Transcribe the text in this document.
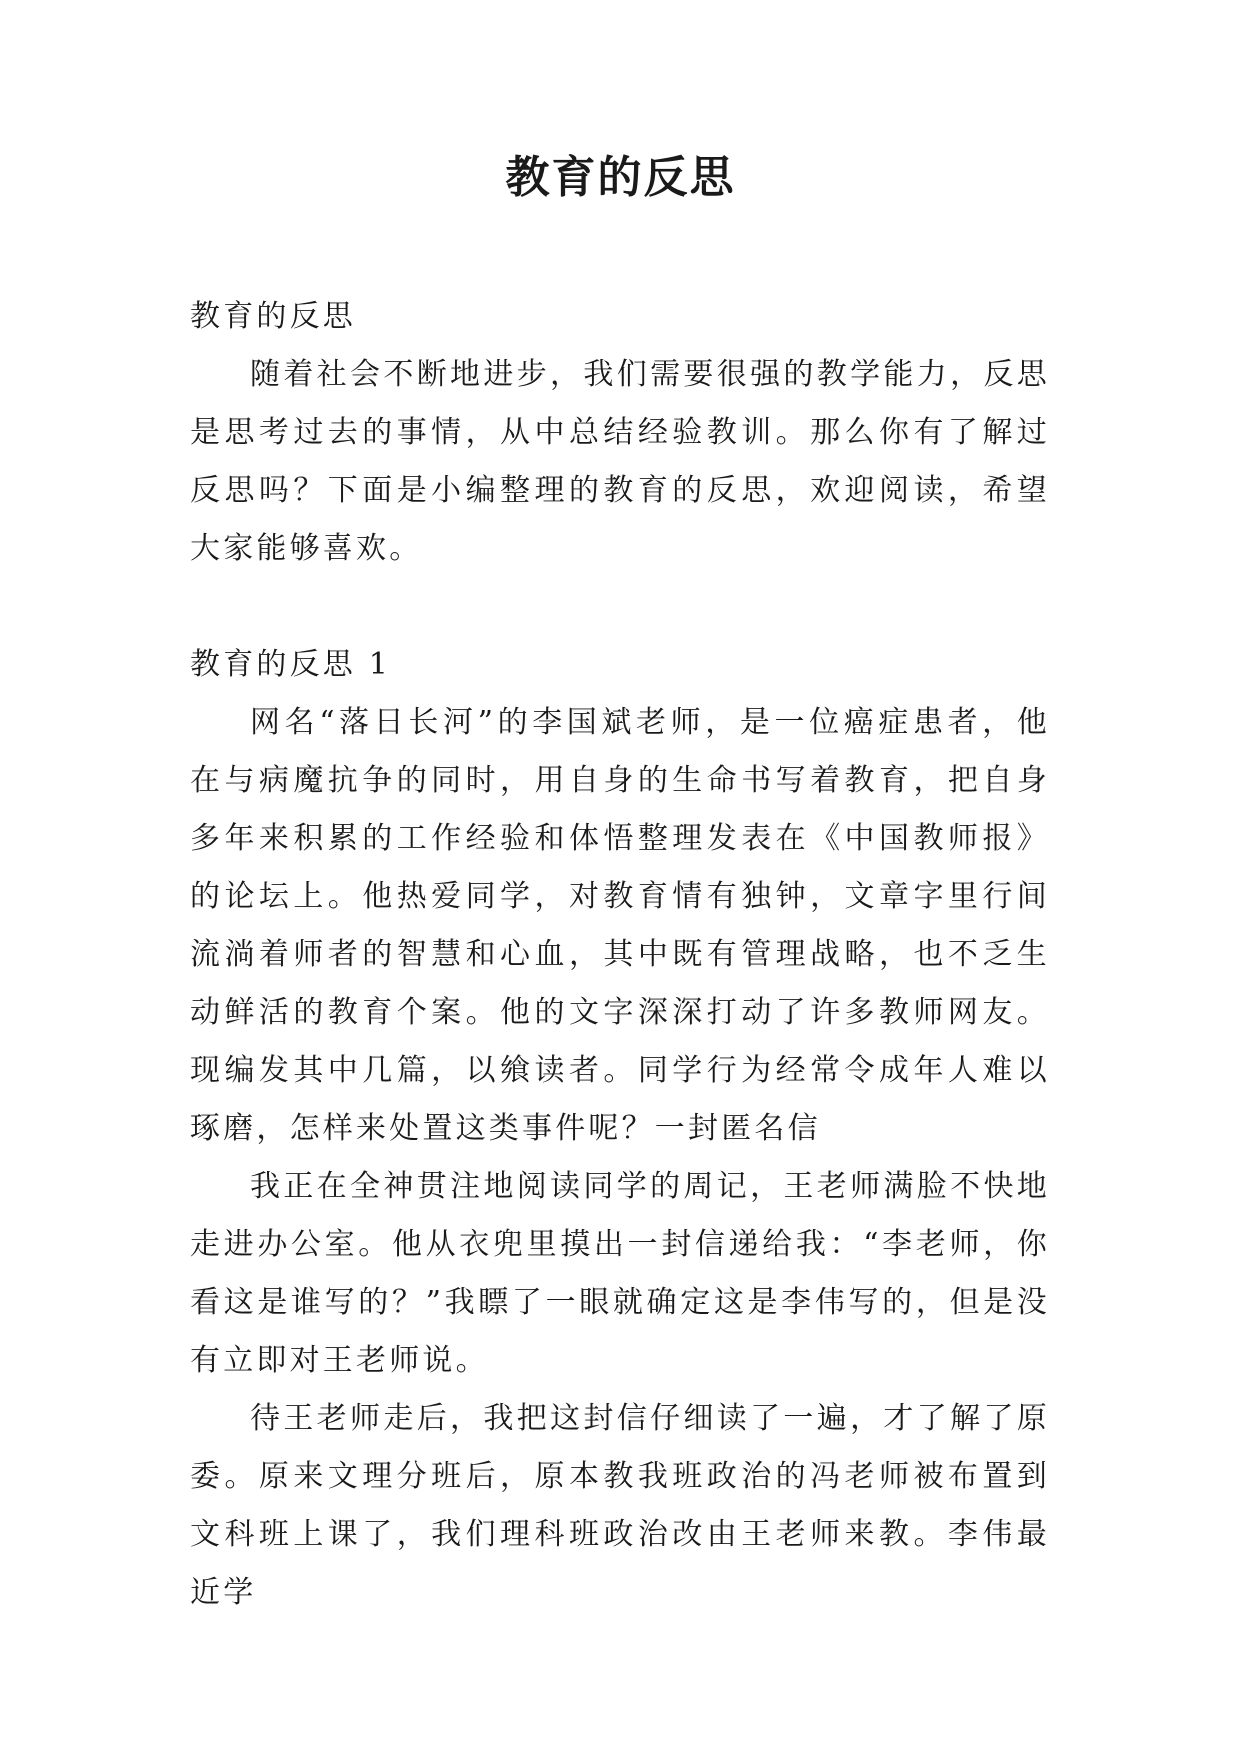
教育的反思

教育的反思

随着社会不断地进步，我们需要很强的教学能力，反思是思考过去的事情，从中总结经验教训。那么你有了解过反思吗？下面是小编整理的教育的反思，欢迎阅读，希望大家能够喜欢。

教育的反思 1

网名“落日长河”的李国斌老师，是一位癌症患者，他在与病魔抗争的同时，用自身的生命书写着教育，把自身多年来积累的工作经验和体悟整理发表在《中国教师报》的论坛上。他热爱同学，对教育情有独钟，文章字里行间流淌着师者的智慧和心血，其中既有管理战略，也不乏生动鲜活的教育个案。他的文字深深打动了许多教师网友。现编发其中几篇，以飨读者。同学行为经常令成年人难以琢磨，怎样来处置这类事件呢？一封匿名信

我正在全神贯注地阅读同学的周记，王老师满脸不快地走进办公室。他从衣兜里摸出一封信递给我：“李老师，你看这是谁写的？”我瞟了一眼就确定这是李伟写的，但是没有立即对王老师说。

待王老师走后，我把这封信仔细读了一遍，才了解了原委。原来文理分班后，原本教我班政治的冯老师被布置到文科班上课了，我们理科班政治改由王老师来教。李伟最近学
